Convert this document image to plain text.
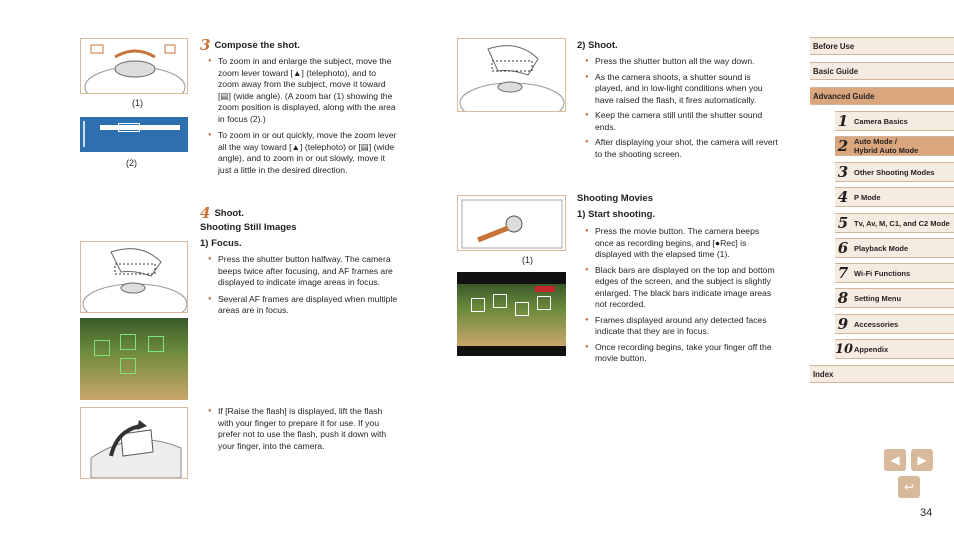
(1)
(2)
3 Compose the shot.
● To zoom in and enlarge the subject, move the zoom lever toward [▲] (telephoto), and to zoom away from the subject, move it toward [▤] (wide angle). (A zoom bar (1) showing the zoom position is displayed, along with the area in focus (2).)
● To zoom in or out quickly, move the zoom lever all the way toward [▲] (telephoto) or [▤] (wide angle), and to zoom in or out slowly, move it just a little in the desired direction.
4 Shoot.
Shooting Still Images
1) Focus.
● Press the shutter button halfway. The camera beeps twice after focusing, and AF frames are displayed to indicate image areas in focus.
● Several AF frames are displayed when multiple areas are in focus.
● If [Raise the flash] is displayed, lift the flash with your finger to prepare it for use. If you prefer not to use the flash, push it down with your finger, into the camera.
(1)
2) Shoot.
● Press the shutter button all the way down.
● As the camera shoots, a shutter sound is played, and in low-light conditions when you have raised the flash, it fires automatically.
● Keep the camera still until the shutter sound ends.
● After displaying your shot, the camera will revert to the shooting screen.
Shooting Movies
1) Start shooting.
● Press the movie button. The camera beeps once as recording begins, and [●Rec] is displayed with the elapsed time (1).
● Black bars are displayed on the top and bottom edges of the screen, and the subject is slightly enlarged. The black bars indicate image areas not recorded.
● Frames displayed around any detected faces indicate that they are in focus.
● Once recording begins, take your finger off the movie button.
Before Use
Basic Guide
Advanced Guide
1 Camera Basics
2 Auto Mode /
Hybrid Auto Mode
3 Other Shooting Modes
4 P Mode
5 Tv, Av, M, C1, and C2 Mode
6 Playback Mode
7 Wi-Fi Functions
8 Setting Menu
9 Accessories
10 Appendix
Index
◀ ▶
↩
34
